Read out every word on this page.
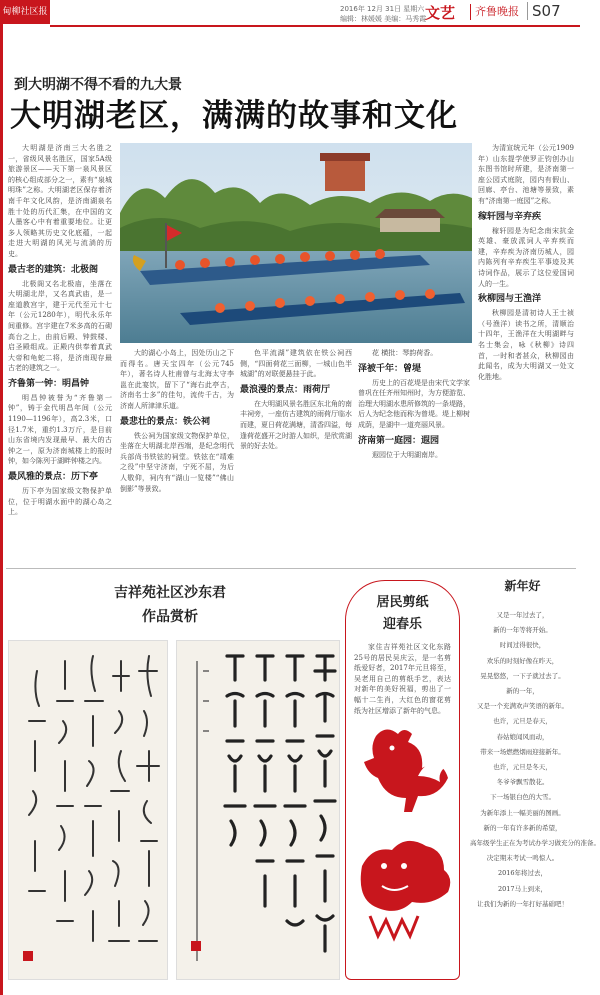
甸柳社区报	2016年 12月 31日 星期六
编辑：林媛媛 美编：马秀霞
文艺	齐鲁晚报 S07
到大明湖不得不看的九大景
大明湖老区，满满的故事和文化

大明湖是济南三大名胜之一，省级风景名胜区，国家5A级旅游景区——天下第一泉风景区的核心组成部分之一，素有“泉城明珠”之称。大明湖老区保存着济南千年文化风韵，是济南湖泉名胜十处的历代汇集，在中国的文人墨客心中有着重要地位。让更多人领略其历史文化底蕴，一起走进大明湖的风光与流淌的历史。

最古老的建筑：北极阁

北极阁又名北极庙，坐落在大明湖北岸，又名真武庙，是一座道教宫宇，建于元代至元十七年（公元1280年），明代永乐年间重修。宫宇建在7米多高的石砌高台之上，由前后殿、钟鼓楼、启圣殿组成。正殿内供奉着真武大帝和龟蛇二将，是济南现存最古老的建筑之一。

齐鲁第一钟：明昌钟

明昌钟被誉为“齐鲁第一钟”，铸于金代明昌年间（公元1190—1196年），高2.3米，口径1.7米，重约1.3万斤，是目前山东省境内发现最早、最大的古钟之一，原为济南城楼上的报时钟，如今陈列于湖畔钟楼之内。

最风雅的景点：历下亭

历下亭为国家级文物保护单位，位于明湖水面中的湖心岛之上。

大的湖心小岛上，因处历山之下而得名。唐天宝四年（公元745年），著名诗人杜甫曾与北海太守李邕在此宴饮，留下了“海右此亭古，济南名士多”的佳句，流传千古，为济南人所津津乐道。

最悲壮的景点：铁公祠

铁公祠为国家级文物保护单位，坐落在大明湖北岸西端，是纪念明代兵部尚书铁铉的祠堂。铁铉在“靖难之役”中坚守济南，宁死不屈，为后人敬仰，祠内有“湖山一览楼”“佛山倒影”等景致。

色平流湖”建筑依在铁公祠西侧，“四面荷花三面柳，一城山色半城湖”的对联便悬挂于此。

最浪漫的景点：雨荷厅

在大明湖风景名胜区东北角的南丰祠旁，一座仿古建筑的雨荷厅临水而建，夏日荷花满塘，清香四溢，每逢荷花盛开之时游人如织，是欣赏湖景的好去处。

花 横批：琴韵荷香。

泽被千年：曾堤

历史上的百花堤是由宋代文学家曾巩在任齐州知州时，为方便游览、治理大明湖水患所修筑的一条堤路，后人为纪念他而称为曾堤。堤上柳树成荫，是湖中一道亮丽风景。

济南第一庭园：遐园

遐园位于大明湖南岸。

为清宣统元年（公元1909年）山东提学使罗正钧创办山东图书馆时所建，是济南第一座公园式庭院，园内有假山、回廊、亭台、池塘等景致，素有“济南第一庭园”之称。

稼轩园与辛弃疾

稼轩园是为纪念南宋抗金英雄、豪放派词人辛弃疾而建，辛弃疾为济南历城人，园内陈列有辛弃疾生平事迹及其诗词作品，展示了这位爱国词人的一生。

秋柳园与王渔洋

秋柳园是清初诗人王士祯（号渔洋）读书之所，清顺治十四年，王渔洋在大明湖畔与名士集会，咏《秋柳》诗四首，一时和者甚众，秋柳园由此闻名，成为大明湖又一处文化胜地。

吉祥苑社区沙东君
作品赏析
居民剪纸
迎春乐

家住吉祥苑社区文化东路25号的居民吴庆云，是一名剪纸爱好者，2017年元旦将至，吴老用自己的剪纸手艺，表达对新年的美好祝福，剪出了一幅十二生肖，大红色的窗花剪纸为社区增添了新年的气息。

新年好
又是一年过去了，
新的一年等将开始。
时间过得很快，
欢乐的时刻好像在昨天，
晃晃悠悠，一下子就过去了。
新的一年，
又是一个充满欢声笑语的新年。
也许，元旦是春天，
春姑娘闻风而动，
带来一场燃燃烟雨迎接新年。
也许，元旦是冬天，
冬爷爷飘雪散花。
下一场银白色的大雪。
为新年添上一幅美丽的图画。
新的一年有许多新的希望，
高年级学生正在为考试办学习做充分的准备。
决定期末考试一鸣惊人。
2016年将过去，
2017马上到来，
让我们为新的一年打好基础吧！
